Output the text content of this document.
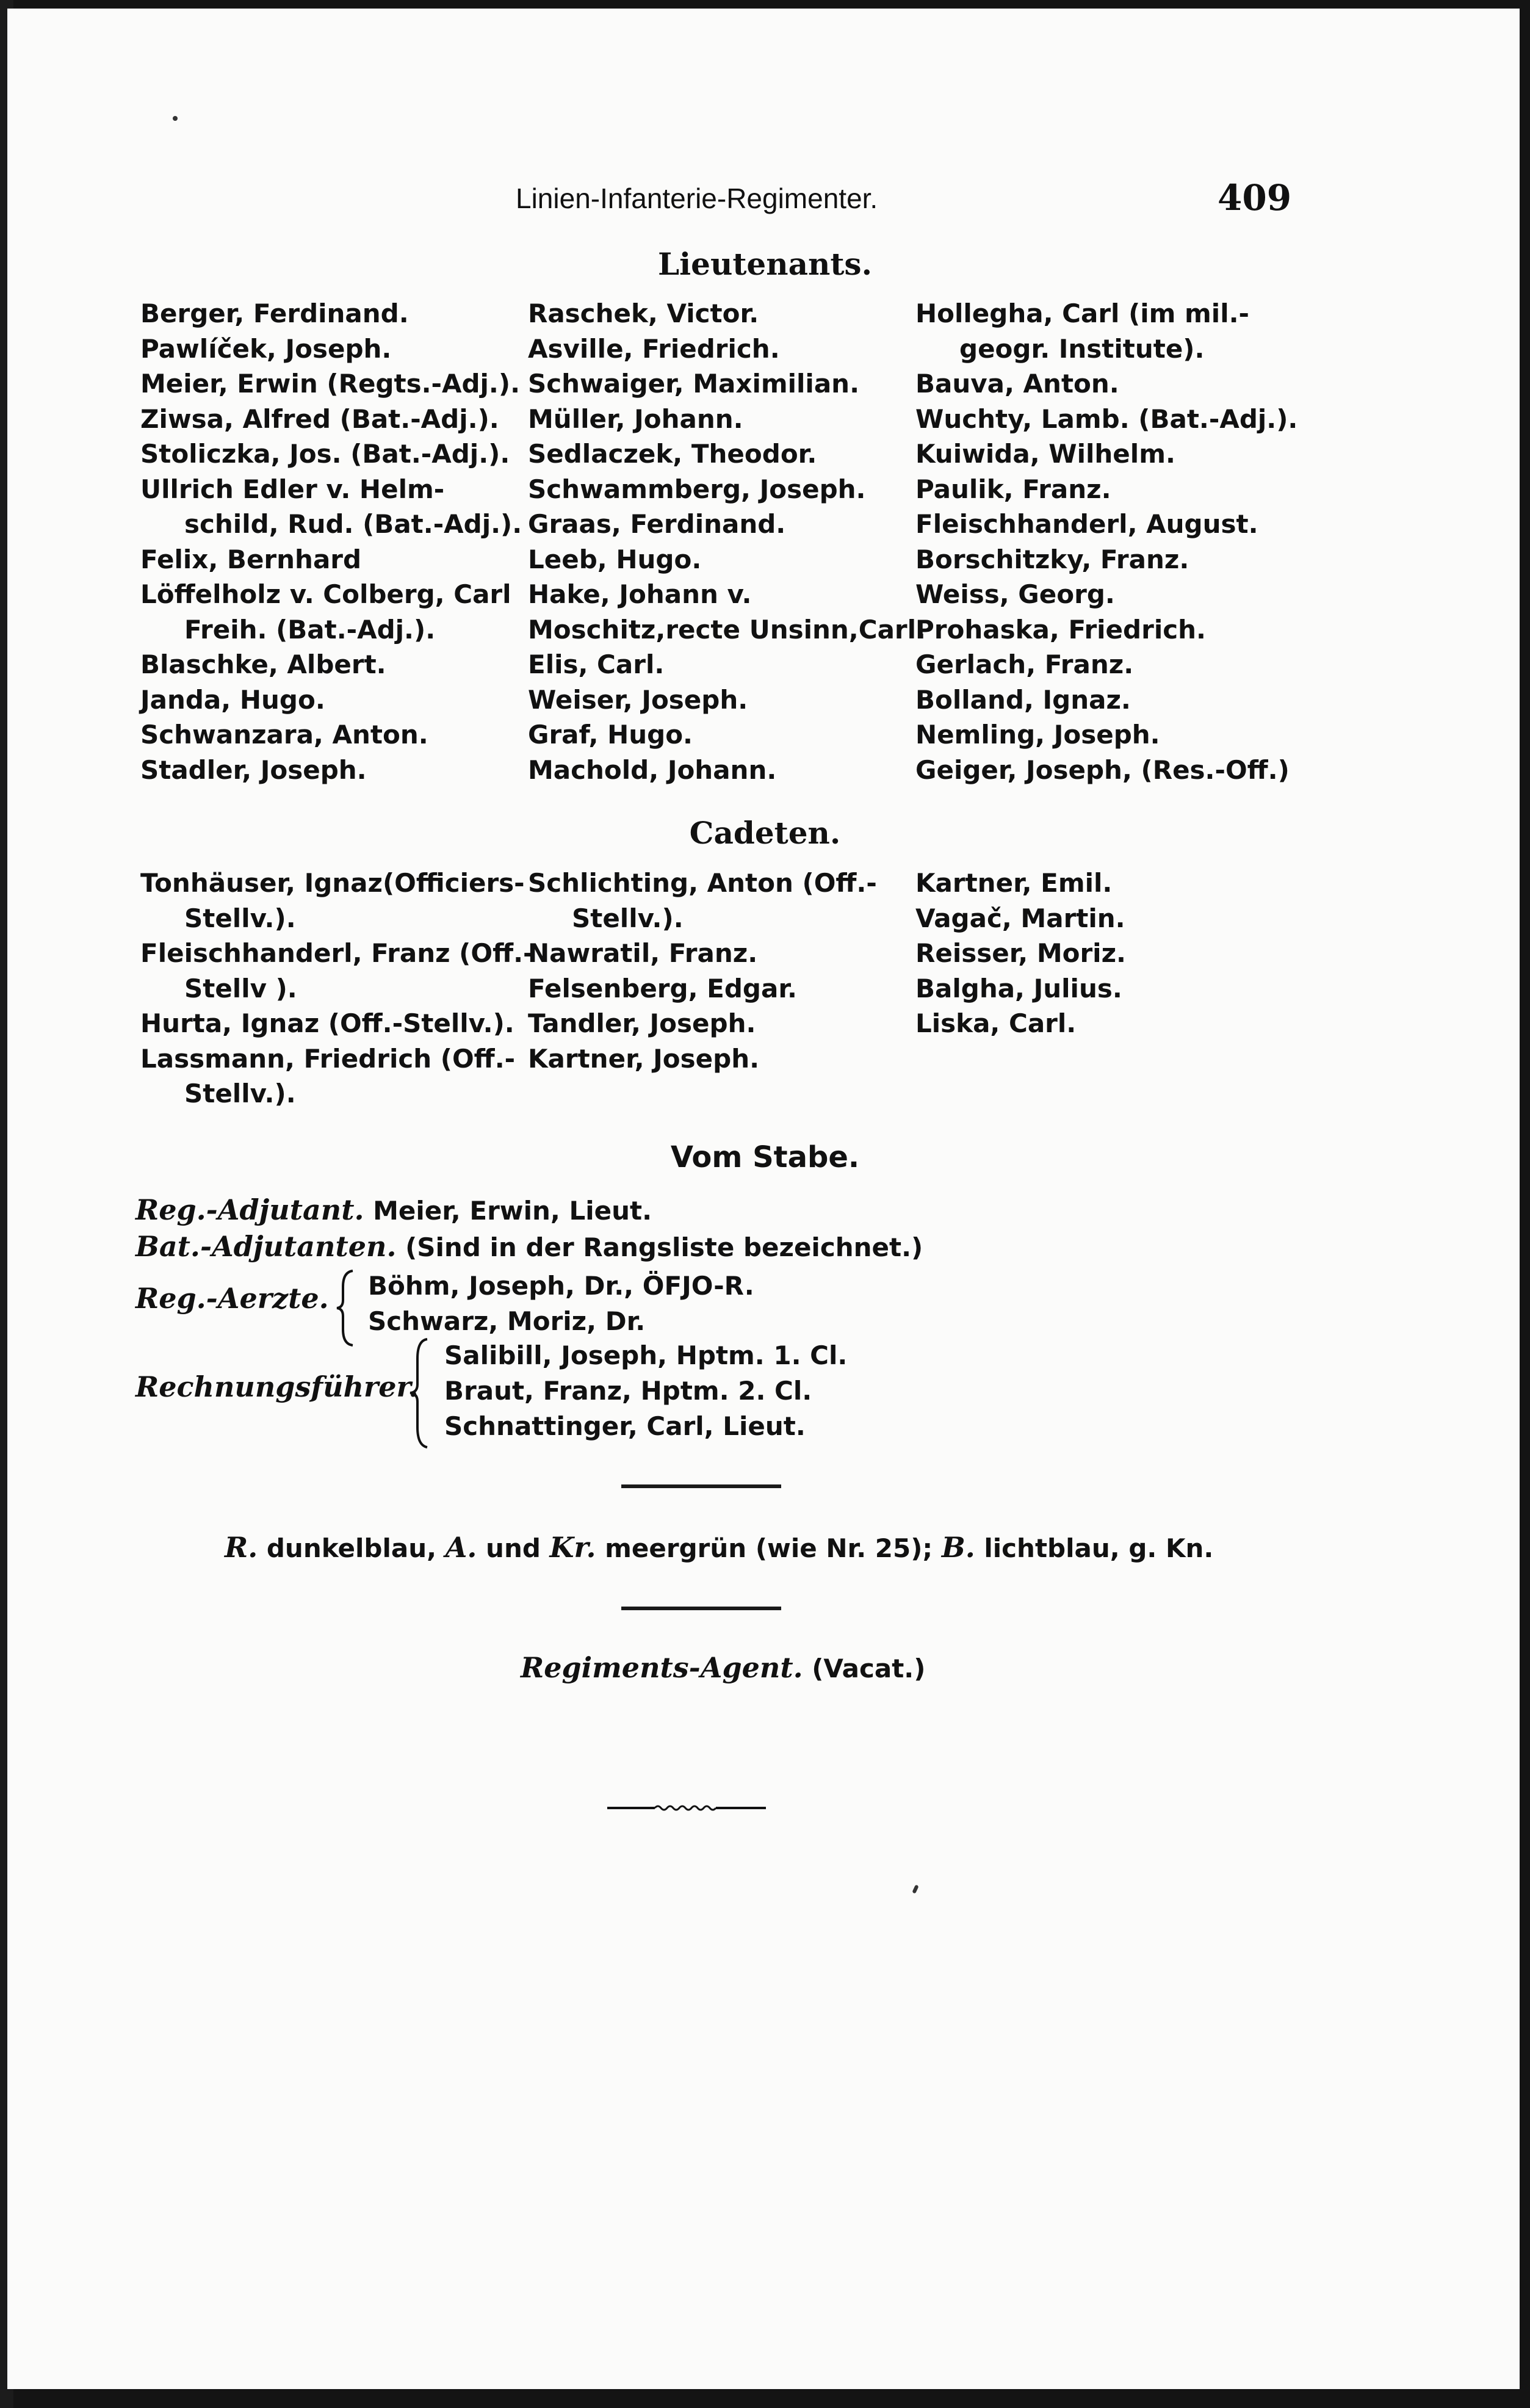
Linien-Infanterie-Regimenter.	409
Lieutenants.
Berger, Ferdinand.
Pawlíček, Joseph.
Meier, Erwin (Regts.-Adj.).
Ziwsa, Alfred (Bat.-Adj.).
Stoliczka, Jos. (Bat.-Adj.).
Ullrich Edler v. Helm-
schild, Rud. (Bat.-Adj.).
Felix, Bernhard
Löffelholz v. Colberg, Carl
Freih. (Bat.-Adj.).
Blaschke, Albert.
Janda, Hugo.
Schwanzara, Anton.
Stadler, Joseph.
Raschek, Victor.
Asville, Friedrich.
Schwaiger, Maximilian.
Müller, Johann.
Sedlaczek, Theodor.
Schwammberg, Joseph.
Graas, Ferdinand.
Leeb, Hugo.
Hake, Johann v.
Moschitz,recte Unsinn,Carl.
Elis, Carl.
Weiser, Joseph.
Graf, Hugo.
Machold, Johann.
Hollegha, Carl (im mil.-
geogr. Institute).
Bauva, Anton.
Wuchty, Lamb. (Bat.-Adj.).
Kuiwida, Wilhelm.
Paulik, Franz.
Fleischhanderl, August.
Borschitzky, Franz.
Weiss, Georg.
Prohaska, Friedrich.
Gerlach, Franz.
Bolland, Ignaz.
Nemling, Joseph.
Geiger, Joseph, (Res.-Off.)
Cadeten.
Tonhäuser, Ignaz(Officiers-
Stellv.).
Fleischhanderl, Franz (Off.-
Stellv ).
Hurta, Ignaz (Off.-Stellv.).
Lassmann, Friedrich (Off.-
Stellv.).
Schlichting, Anton (Off.-
Stellv.).
Nawratil, Franz.
Felsenberg, Edgar.
Tandler, Joseph.
Kartner, Joseph.
Kartner, Emil.
Vagač, Martin.
Reisser, Moriz.
Balgha, Julius.
Liska, Carl.
Vom Stabe.
Reg.-Adjutant. Meier, Erwin, Lieut.
Bat.-Adjutanten. (Sind in der Rangsliste bezeichnet.)
Reg.-Aerzte. Böhm, Joseph, Dr., ÖFJO-R.
Schwarz, Moriz, Dr.
Rechnungsführer.
Salibill, Joseph, Hptm. 1. Cl.
Braut, Franz, Hptm. 2. Cl.
Schnattinger, Carl, Lieut.
R. dunkelblau, A. und Kr. meergrün (wie Nr. 25); B. lichtblau, g. Kn.
Regiments-Agent. (Vacat.)
